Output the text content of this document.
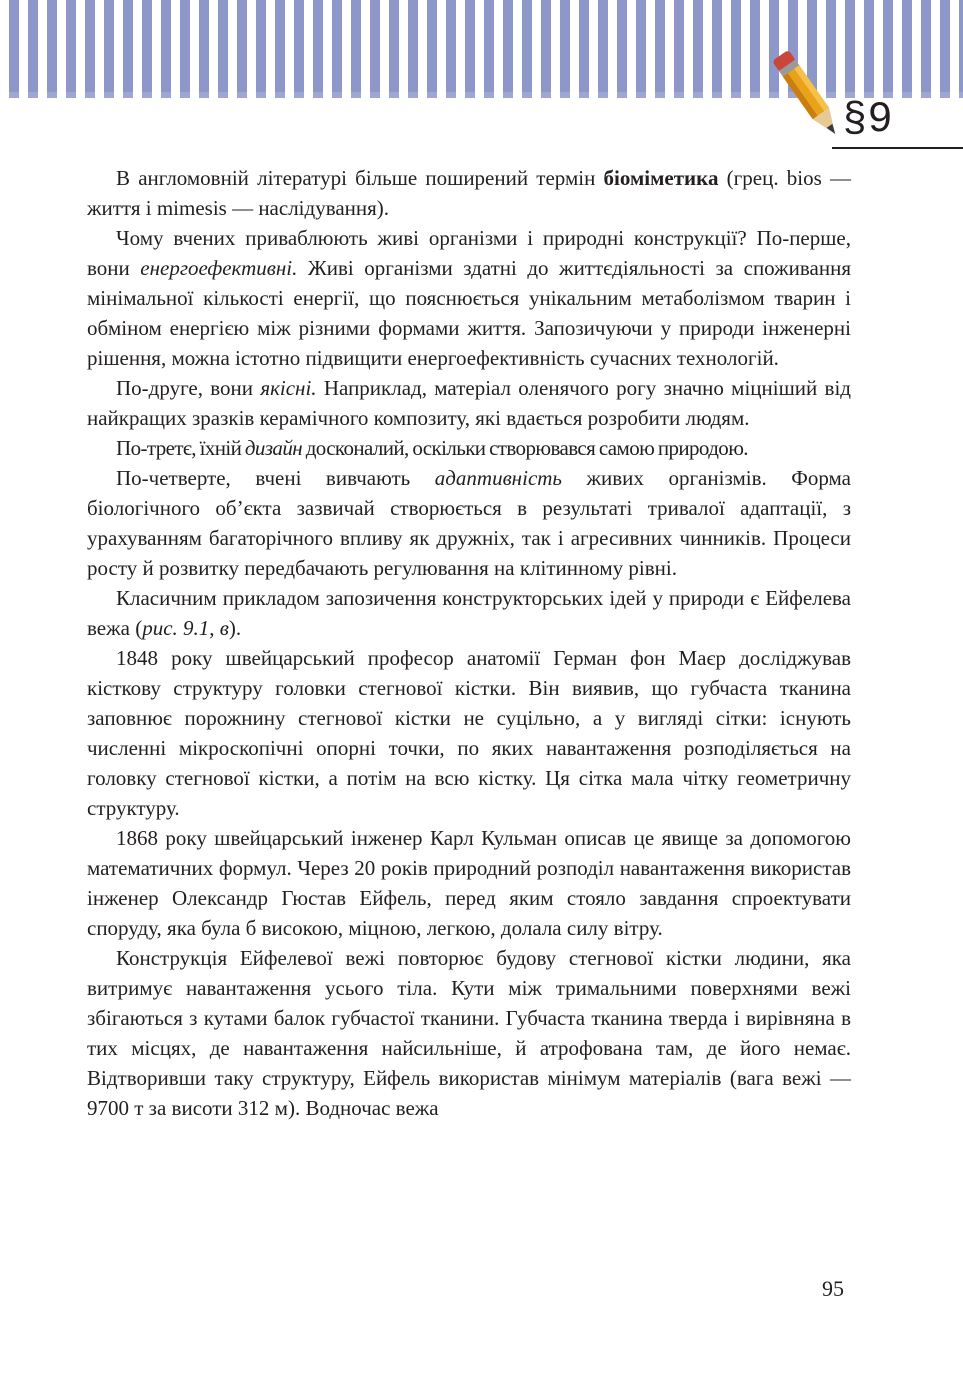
§9

В англомовній літературі більше поширений термін біоміметика (грец. bios — життя і mimesis — наслідування).

Чому вчених приваблюють живі організми і природні конструкції? По-перше, вони енергоефективні. Живі організми здатні до життєдіяльності за споживання мінімальної кількості енергії, що пояснюється унікальним метаболізмом тварин і обміном енергією між різними формами життя. Запозичуючи у природи інженерні рішення, можна істотно підвищити енергоефективність сучасних технологій.

По-друге, вони якісні. Наприклад, матеріал оленячого рогу значно міцніший від найкращих зразків керамічного композиту, які вдається розробити людям.

По-третє, їхній дизайн досконалий, оскільки створювався самою природою.

По-четверте, вчені вивчають адаптивність живих організмів. Форма біологічного об’єкта зазвичай створюється в результаті тривалої адаптації, з урахуванням багаторічного впливу як дружніх, так і агресивних чинників. Процеси росту й розвитку передбачають регулювання на клітинному рівні.

Класичним прикладом запозичення конструкторських ідей у природи є Ейфелева вежа (рис. 9.1, в).

1848 року швейцарський професор анатомії Герман фон Маєр досліджував кісткову структуру головки стегнової кістки. Він виявив, що губчаста тканина заповнює порожнину стегнової кістки не суцільно, а у вигляді сітки: існують численні мікроскопічні опорні точки, по яких навантаження розподіляється на головку стегнової кістки, а потім на всю кістку. Ця сітка мала чітку геометричну структуру.

1868 року швейцарський інженер Карл Кульман описав це явище за допомогою математичних формул. Через 20 років природний розподіл навантаження використав інженер Олександр Гюстав Ейфель, перед яким стояло завдання спроектувати споруду, яка була б високою, міцною, легкою, долала силу вітру.

Конструкція Ейфелевої вежі повторює будову стегнової кістки людини, яка витримує навантаження усього тіла. Кути між тримальними поверхнями вежі збігаються з кутами балок губчастої тканини. Губчаста тканина тверда і вирівняна в тих місцях, де навантаження найсильніше, й атрофована там, де його немає. Відтворивши таку структуру, Ейфель використав мінімум матеріалів (вага вежі — 9700 т за висоти 312 м). Водночас вежа

95
